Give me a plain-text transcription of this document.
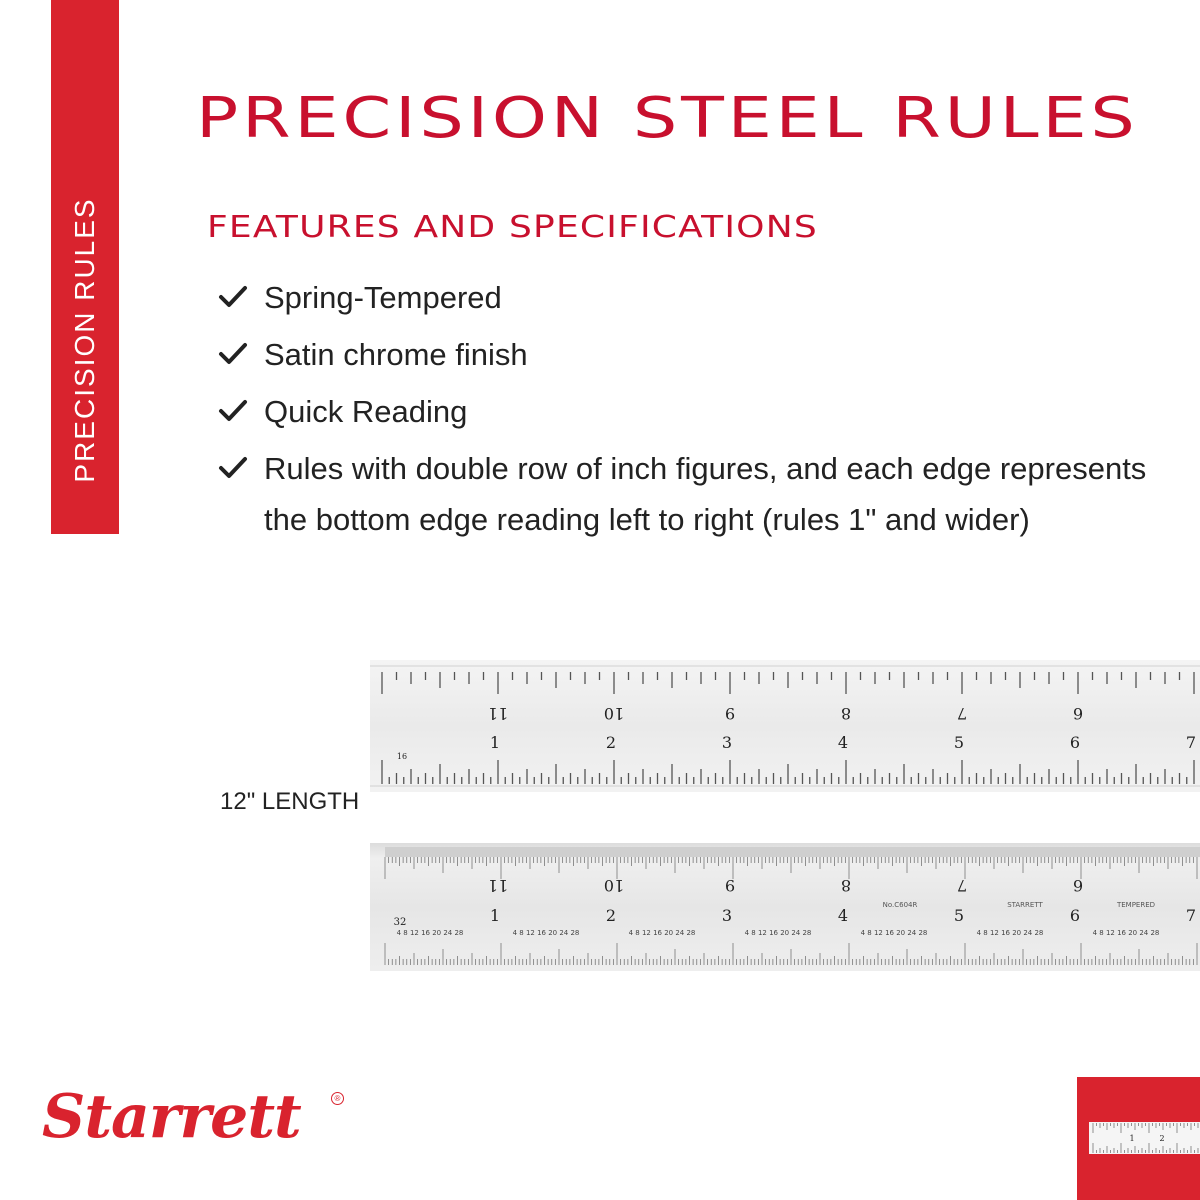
PRECISION RULES
PRECISION STEEL RULES
FEATURES AND SPECIFICATIONS
Spring-Tempered
Satin chrome finish
Quick Reading
Rules with double row of inch figures, and each edge represents the bottom edge reading left to right (rules 1" and wider)
12" LENGTH
11	10	9	8	7	6
1	2	3	4	5	6	7
16
11	10	9	8	7	6
1	2	3	4	5	6	7
32
No.C604R	STARRETT	TEMPERED
4 8 12 16 20 24 28	4 8 12 16 20 24 28	4 8 12 16 20 24 28	4 8 12 16 20 24 28	4 8 12 16 20 24 28	4 8 12 16 20 24 28	4 8 12 16 20 24 28
Starrett	®
1	2
